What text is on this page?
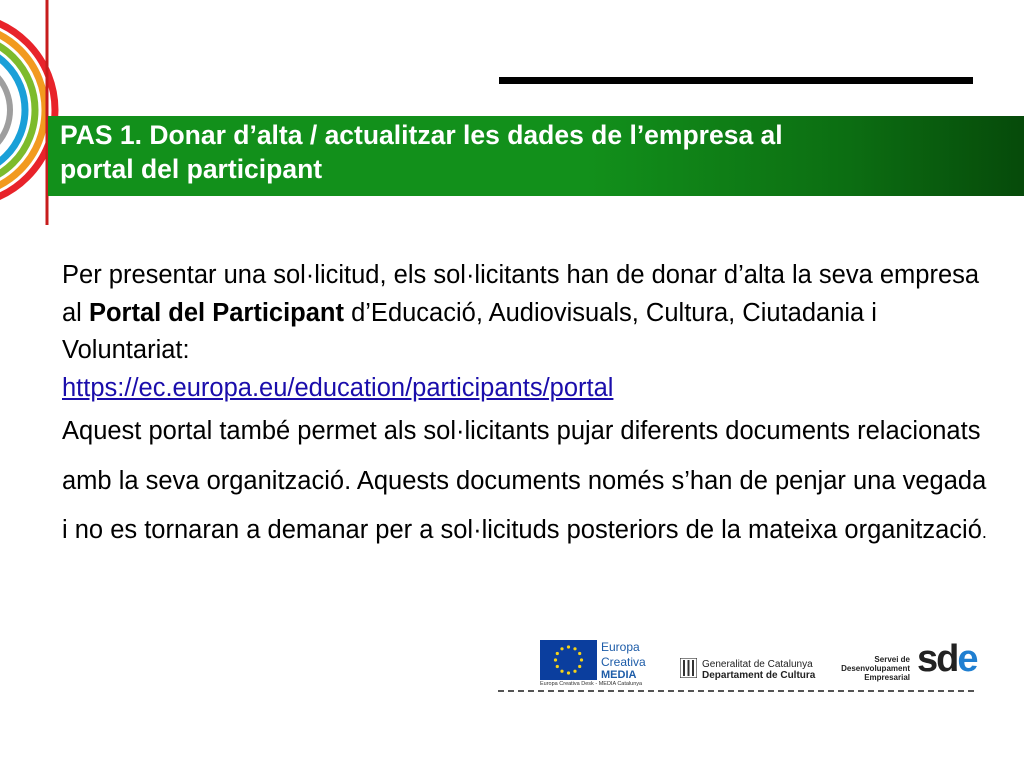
PAS 1. Donar d’alta / actualitzar les dades de l’empresa al
portal del participant

Per presentar una sol·licitud, els sol·licitants han de donar d’alta la seva empresa al Portal del Participant d’Educació, Audiovisuals, Cultura, Ciutadania i Voluntariat:
https://ec.europa.eu/education/participants/portal

Aquest portal també permet als sol·licitants pujar diferents documents relacionats amb la seva organització. Aquests documents només s’han de penjar una vegada i no es tornaran a demanar per a sol·licituds posteriors de la mateixa organització.

Europa
Creativa
MEDIA
Europa Creativa Desk - MEDIA Catalunya
Generalitat de Catalunya
Departament de Cultura
Servei de
Desenvolupament
Empresarial sde
